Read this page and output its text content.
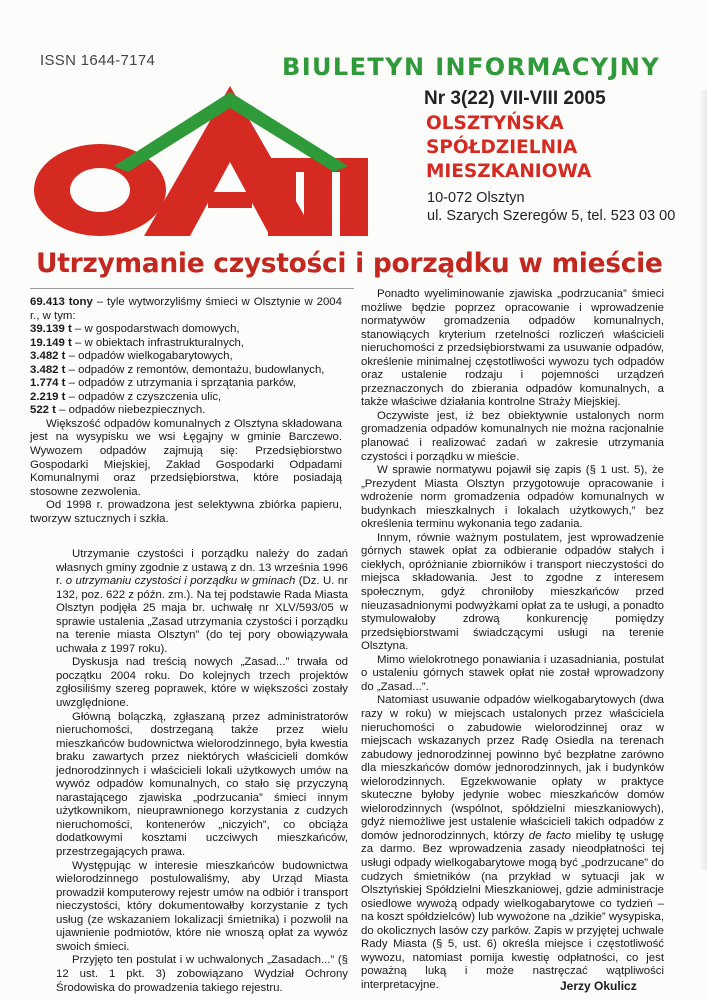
ISSN 1644-7174	BIULETYN INFORMACYJNY
Nr 3(22) VII-VIII 2005
OLSZTYŃSKA
SPÓŁDZIELNIA
MIESZKANIOWA
10-072 Olsztyn
ul. Szarych Szeregów 5, tel. 523 03 00
Utrzymanie czystości i porządku w mieście
69.413 tony – tyle wytworzyliśmy śmieci w Olsztynie w 2004 r., w tym:
39.139 t – w gospodarstwach domowych,
19.149 t – w obiektach infrastrukturalnych,
3.482 t – odpadów wielkogabarytowych,
3.482 t – odpadów z remontów, demontażu, budowlanych,
1.774 t – odpadów z utrzymania i sprzątania parków,
2.219 t – odpadów z czyszczenia ulic,
522 t – odpadów niebezpiecznych.
Większość odpadów komunalnych z Olsztyna składowana jest na wysypisku we wsi Łęgajny w gminie Barczewo. Wywozem odpadów zajmują się: Przedsiębiorstwo Gospodarki Miejskiej, Zakład Gospodarki Odpadami Komunalnymi oraz przedsiębiorstwa, które posiadają stosowne zezwolenia.
Od 1998 r. prowadzona jest selektywna zbiórka papieru, tworzyw sztucznych i szkła.

Utrzymanie czystości i porządku należy do zadań własnych gminy zgodnie z ustawą z dn. 13 września 1996 r. o utrzymaniu czystości i porządku w gminach (Dz. U. nr 132, poz. 622 z późn. zm.). Na tej podstawie Rada Miasta Olsztyn podjęła 25 maja br. uchwałę nr XLV/593/05 w sprawie ustalenia „Zasad utrzymania czystości i porządku na terenie miasta Olsztyn” (do tej pory obowiązywała uchwała z 1997 roku).

Dyskusja nad treścią nowych „Zasad...” trwała od początku 2004 roku. Do kolejnych trzech projektów zgłosiliśmy szereg poprawek, które w większości zostały uwzględnione.

Główną bolączką, zgłaszaną przez administratorów nieruchomości, dostrzeganą także przez wielu mieszkańców budownictwa wielorodzinnego, była kwestia braku zawartych przez niektórych właścicieli domków jednorodzinnych i właścicieli lokali użytkowych umów na wywóz odpadów komunalnych, co stało się przyczyną narastającego zjawiska „podrzucania” śmieci innym użytkownikom, nieuprawnionego korzystania z cudzych nieruchomości, kontenerów „niczyich”, co obciąża dodatkowymi kosztami uczciwych mieszkańców, przestrzegających prawa.

Występując w interesie mieszkańców budownictwa wielorodzinnego postulowaliśmy, aby Urząd Miasta prowadził komputerowy rejestr umów na odbiór i transport nieczystości, który dokumentowałby korzystanie z tych usług (ze wskazaniem lokalizacji śmietnika) i pozwolił na ujawnienie podmiotów, które nie wnoszą opłat za wywóz swoich śmieci.

Przyjęto ten postulat i w uchwalonych „Zasadach...” (§ 12 ust. 1 pkt. 3) zobowiązano Wydział Ochrony Środowiska do prowadzenia takiego rejestru.

Ponadto wyeliminowanie zjawiska „podrzucania” śmieci możliwe będzie poprzez opracowanie i wprowadzenie normatywów gromadzenia odpadów komunalnych, stanowiących kryterium rzetelności rozliczeń właścicieli nieruchomości z przedsiębiorstwami za usuwanie odpadów, określenie minimalnej częstotliwości wywozu tych odpadów oraz ustalenie rodzaju i pojemności urządzeń przeznaczonych do zbierania odpadów komunalnych, a także właściwe działania kontrolne Straży Miejskiej.

Oczywiste jest, iż bez obiektywnie ustalonych norm gromadzenia odpadów komunalnych nie można racjonalnie planować i realizować zadań w zakresie utrzymania czystości i porządku w mieście.

W sprawie normatywu pojawił się zapis (§ 1 ust. 5), że „Prezydent Miasta Olsztyn przygotowuje opracowanie i wdrożenie norm gromadzenia odpadów komunalnych w budynkach mieszkalnych i lokalach użytkowych,” bez określenia terminu wykonania tego zadania.

Innym, równie ważnym postulatem, jest wprowadzenie górnych stawek opłat za odbieranie odpadów stałych i ciekłych, opróżnianie zbiorników i transport nieczystości do miejsca składowania. Jest to zgodne z interesem społecznym, gdyż chroniłoby mieszkańców przed nieuzasadnionymi podwyżkami opłat za te usługi, a ponadto stymulowałoby zdrową konkurencję pomiędzy przedsiębiorstwami świadczącymi usługi na terenie Olsztyna.

Mimo wielokrotnego ponawiania i uzasadniania, postulat o ustaleniu górnych stawek opłat nie został wprowadzony do „Zasad...”.

Natomiast usuwanie odpadów wielkogabarytowych (dwa razy w roku) w miejscach ustalonych przez właściciela nieruchomości o zabudowie wielorodzinnej oraz w miejscach wskazanych przez Radę Osiedla na terenach zabudowy jednorodzinnej powinno być bezpłatne zarówno dla mieszkańców domów jednorodzinnych, jak i budynków wielorodzinnych. Egzekwowanie opłaty w praktyce skuteczne byłoby jedynie wobec mieszkańców domów wielorodzinnych (wspólnot, spółdzielni mieszkaniowych), gdyż niemożliwe jest ustalenie właścicieli takich odpadów z domów jednorodzinnych, którzy de facto mieliby tę usługę za darmo. Bez wprowadzenia zasady nieodpłatności tej usługi odpady wielkogabarytowe mogą być „podrzucane” do cudzych śmietników (na przykład w sytuacji jak w Olsztyńskiej Spółdzielni Mieszkaniowej, gdzie administracje osiedlowe wywożą odpady wielkogabarytowe co tydzień – na koszt spółdzielców) lub wywożone na „dzikie” wysypiska, do okolicznych lasów czy parków. Zapis w przyjętej uchwale Rady Miasta (§ 5, ust. 6) określa miejsce i częstotliwość wywozu, natomiast pomija kwestię odpłatności, co jest poważną luką i może nastręczać wątpliwości interpretacyjne.	Jerzy Okulicz
